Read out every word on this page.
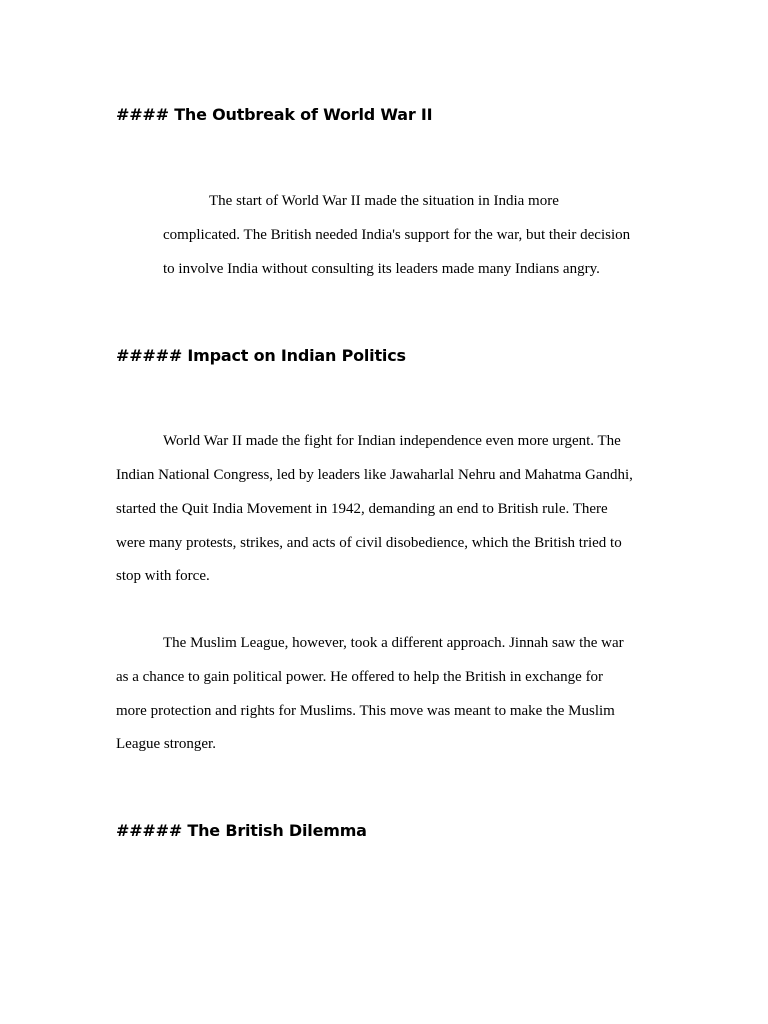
#### The Outbreak of World War II
The start of World War II made the situation in India more
complicated. The British needed India's support for the war, but their decision
to involve India without consulting its leaders made many Indians angry.
##### Impact on Indian Politics
World War II made the fight for Indian independence even more urgent. The
Indian National Congress, led by leaders like Jawaharlal Nehru and Mahatma Gandhi,
started the Quit India Movement in 1942, demanding an end to British rule. There
were many protests, strikes, and acts of civil disobedience, which the British tried to
stop with force.
The Muslim League, however, took a different approach. Jinnah saw the war
as a chance to gain political power. He offered to help the British in exchange for
more protection and rights for Muslims. This move was meant to make the Muslim
League stronger.
##### The British Dilemma
